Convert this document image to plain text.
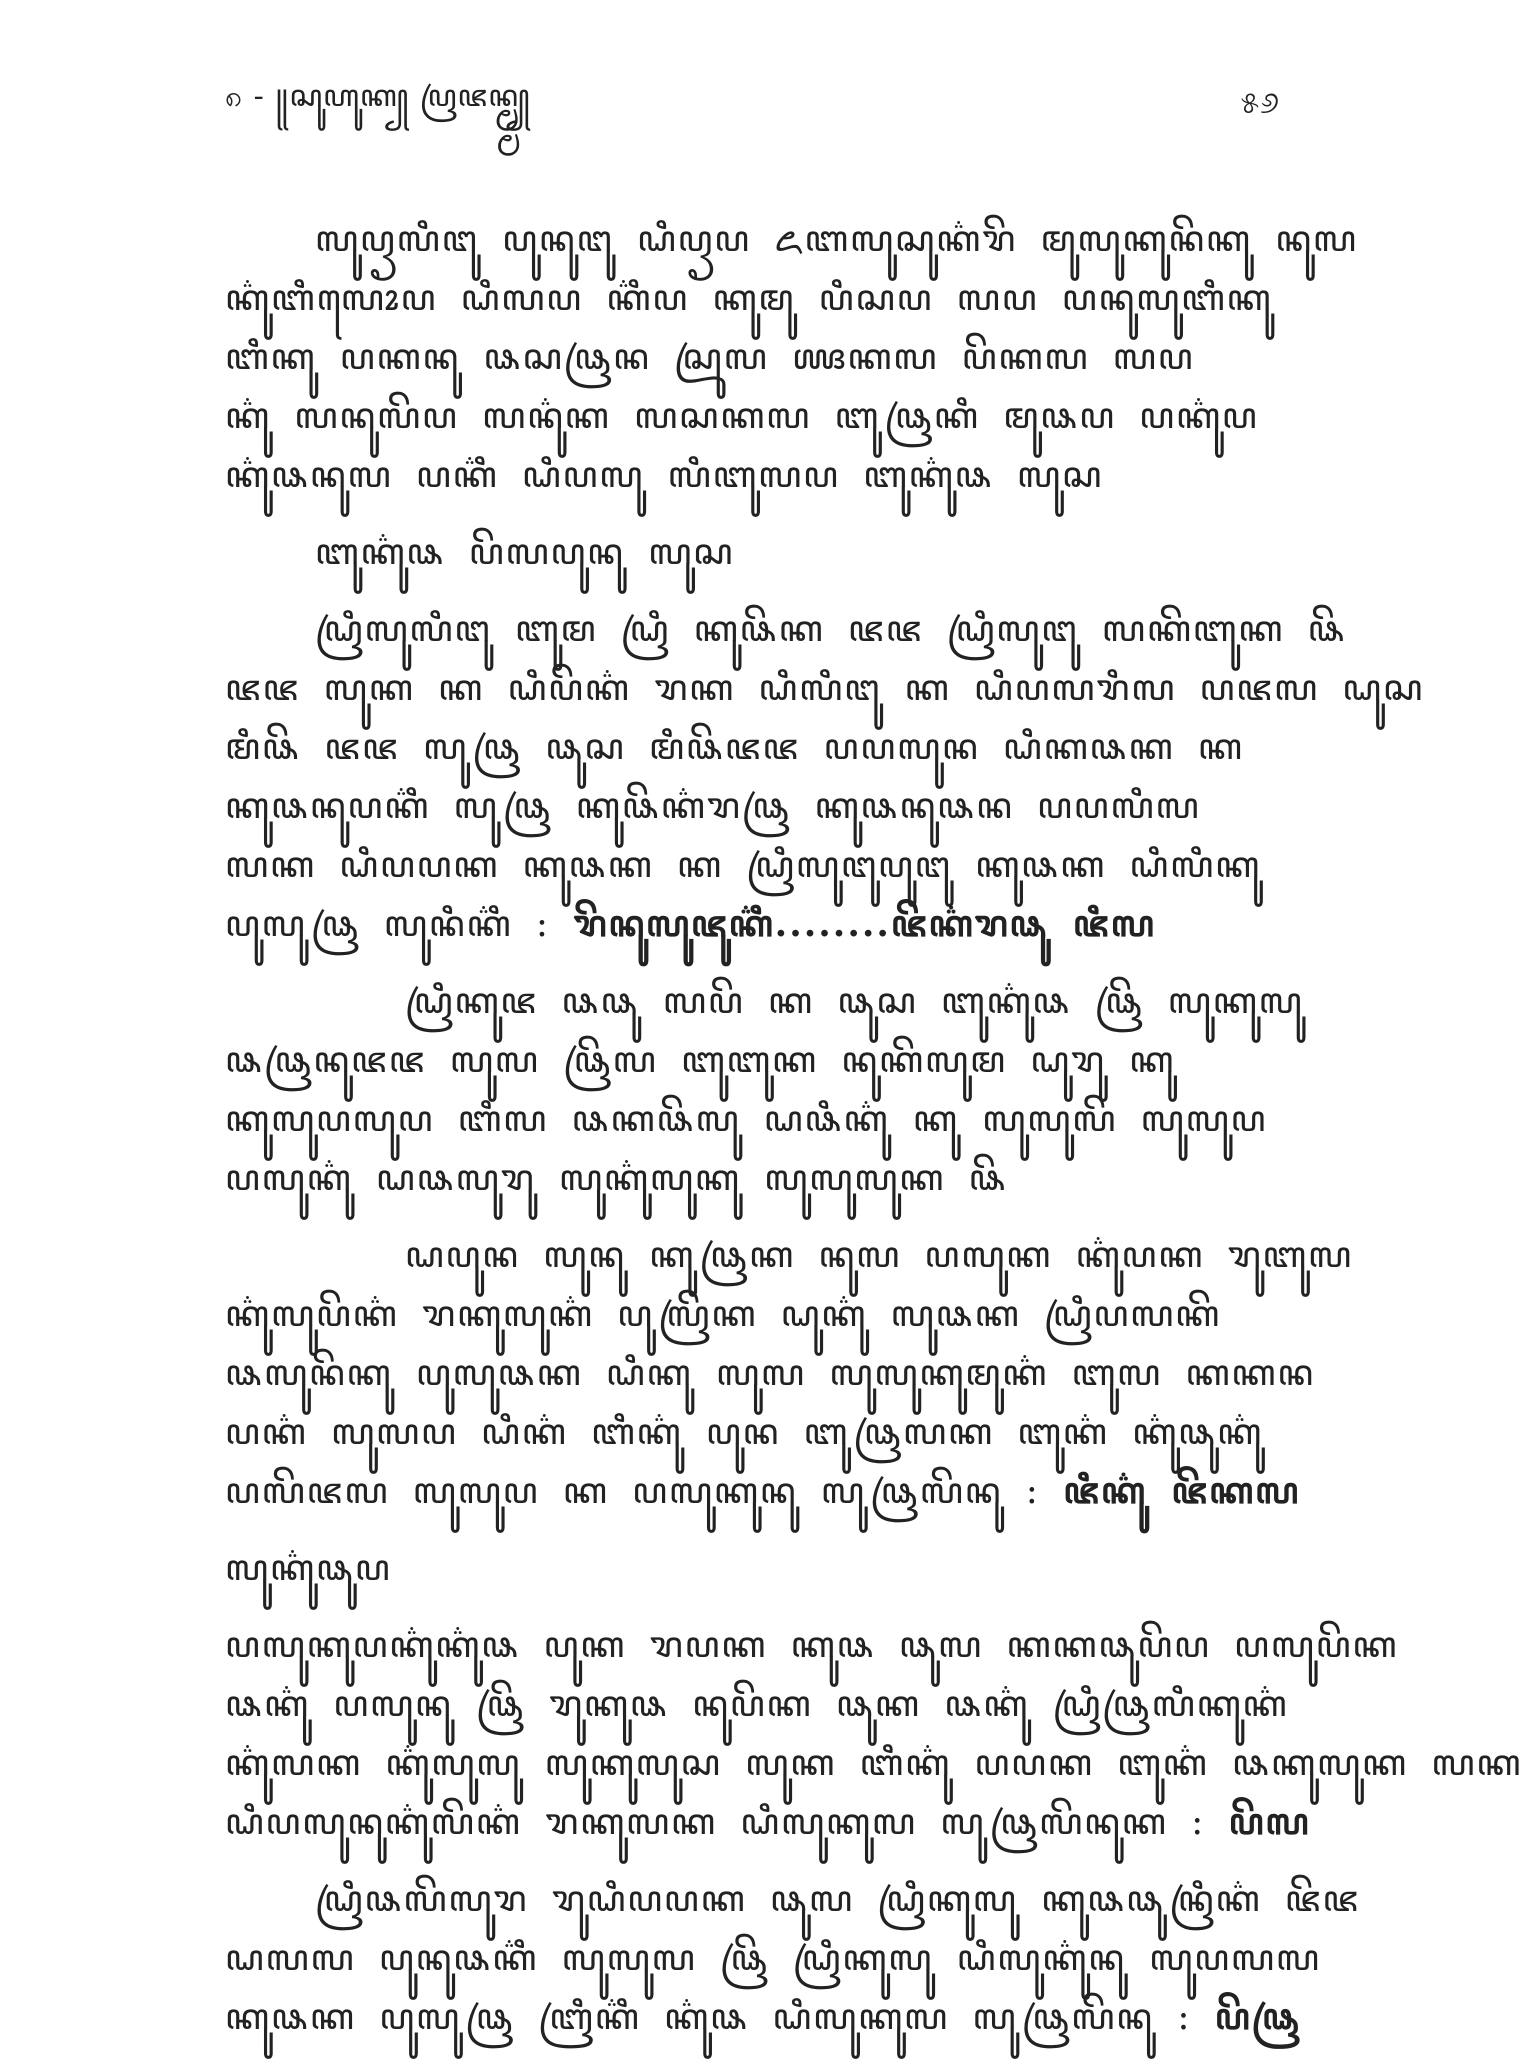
၈ - ꧋ꦱꦸꦲꦸꦏ꧀ ꦥꦿꦗꦤ꧀ꦩ꧀ꦩ꧀	୫୬
ꦭꦸꦥꦽꦭꦶꦔꦸ ꦥꦸꦤꦸꦔꦸ ꦝꦶꦥꦽꦥ ꦌꦧꦭꦸꦱꦸꦏ꦳ꦫꦼ ꦩꦸꦭꦸꦏꦸꦤꦼꦏꦸ ꦤꦸꦭ
ꦏ꦳ꦸꦧꦶꦭꦺꦴꦥ ꦝꦶꦭꦥ ꦏ꦳ꦶꦥ ꦏꦸꦩꦸ ꦥꦶꦱꦥ ꦭꦥ ꦥꦤꦸꦭꦸꦧꦶꦏꦸ
ꦧꦶꦏꦸ ꦥꦏꦤꦸ ꦦꦱꦦꦿꦤ ꦱꦿꦸꦭ ꦖꦏꦭ ꦥꦼꦏꦭ ꦭꦥ
ꦏ꦳ꦸ ꦭꦤꦸꦭꦼꦥ ꦭꦤ꦳ꦸꦏ ꦭꦱꦏꦭ ꦧꦸꦦꦿꦏꦶ ꦩꦸꦦꦥ ꦥꦏ꦳ꦸꦥ
ꦏ꦳ꦸꦦꦤꦸꦭ ꦥꦏ꦳ꦶ ꦝꦶꦥꦭꦸ ꦭꦶꦧꦸꦭꦥ ꦧꦸꦏ꦳ꦸꦦ ꦭꦸꦱ
ꦧꦸꦏ꦳ꦸꦦ ꦥꦼꦭꦥꦸꦤꦸ ꦭꦸꦱ
ꦝꦿꦶꦭꦸꦭꦶꦔꦸ ꦧꦸꦩ ꦝꦿꦶ ꦏꦸꦦꦼꦏ ꦗꦗ ꦝꦿꦶꦭꦸꦔꦸ ꦭꦏꦼꦧꦸꦏ ꦦꦼ
ꦗꦗ ꦭꦸꦏ ꦏ ꦝꦶꦥꦼꦏ꦳ ꦫꦏ ꦝꦶꦭꦶꦔꦸ ꦏ ꦝꦶꦥꦭꦫꦶꦭ ꦥꦗꦭ ꦝꦸꦱ
ꦩꦶꦦꦼ ꦗꦗ ꦭꦸꦦꦿ ꦦꦸꦱ ꦩꦶꦦꦼꦗꦗ ꦥꦥꦭꦸꦤ ꦝꦶꦏꦦꦏ ꦏ
ꦏꦸꦦꦤꦸꦥꦏ꦳ꦶ ꦭꦸꦦꦿ ꦏꦸꦦꦼꦏ꦳ꦫꦦꦿ ꦏꦸꦦꦤꦸꦦꦤ ꦥꦥꦭꦶꦭ
ꦭꦏ ꦝꦶꦥꦥꦏ ꦏꦸꦦꦏ ꦏ ꦝꦿꦶꦭꦸꦔꦸꦥꦸꦔꦸ ꦏꦸꦦꦏ ꦝꦶꦭꦶꦏꦸ
ꦥꦸꦭꦸꦦꦿ ꦭꦸꦤꦶꦏ꦳ꦶ : ꦫꦼꦤꦸꦭꦸꦗꦸꦏ꦳ꦶ........ꦗꦼꦏ꦳ꦫꦦꦸ ꦗꦶꦭ
ꦝꦿꦶꦏꦸꦗ ꦦꦦꦸ ꦭꦥꦼ ꦏ ꦦꦸꦱ ꦧꦸꦏ꦳ꦸꦦ ꦦꦿꦼ ꦭꦸꦏꦸꦭꦸ
ꦦꦦꦿꦤꦸꦗꦗ ꦭꦸꦭ ꦦꦿꦼꦭ ꦧꦸꦧꦸꦏ ꦤꦸꦏꦼꦭꦸꦩ ꦝꦸꦫꦸ ꦏꦸ
ꦏꦸꦭꦸꦥꦭꦸꦥ ꦧꦶꦭ ꦦꦏꦦꦼꦭꦸ ꦝꦦꦶꦏ꦳ꦸ ꦏꦸ ꦭꦸꦭꦸꦭꦼ ꦭꦸꦭꦸꦥ
ꦥꦭꦸꦏ꦳ꦸ ꦝꦦꦭꦸꦫꦸ ꦭꦸꦏ꦳ꦸꦭꦸꦏꦸ ꦭꦸꦭꦸꦭꦸꦏ ꦦꦼ
ꦝꦥꦸꦤ ꦭꦸꦤꦸ ꦏꦸꦦꦿꦏ ꦤꦸꦭ ꦥꦭꦸꦏ ꦏ꦳ꦸꦥꦏ ꦫꦸꦧꦸꦭ
ꦏ꦳ꦸꦭꦸꦥꦼꦏ꦳ ꦫꦏꦸꦭꦸꦏ꦳ ꦥꦸꦭꦿꦼꦏ ꦝꦸꦏ꦳ꦸ ꦭꦸꦦꦏ ꦝꦿꦶꦥꦭꦏꦼ
ꦦꦭꦸꦤꦼꦏꦸ ꦥꦸꦭꦸꦦꦏ ꦝꦶꦏꦸ ꦭꦸꦭ ꦭꦸꦭꦸꦏꦸꦩꦸꦏ꦳ ꦧꦸꦭ ꦏꦏꦤ
ꦥꦏ꦳ ꦭꦸꦭꦥ ꦝꦶꦏ꦳ ꦧꦶꦏ꦳ꦸ ꦥꦸꦤ ꦧꦸꦦꦿꦭꦏ ꦧꦸꦏ꦳ ꦏ꦳ꦸꦦꦸꦏ꦳ꦸ
ꦥꦭꦼꦗꦭ ꦭꦸꦭꦸꦥ ꦏ ꦥꦭꦸꦏꦸꦤꦸ ꦭꦸꦦꦿꦭꦼꦤꦸ : ꦗꦶꦏ꦳ꦸ ꦗꦼꦏꦭ
ꦭꦸꦏ꦳ꦸꦦꦸꦥ
ꦥꦭꦸꦏꦸꦥꦏ꦳ꦸꦏ꦳ꦸꦦ ꦥꦸꦏ ꦫꦥꦏ ꦏꦸꦦ ꦦꦸꦭ ꦏꦏꦦꦸꦥꦼꦥ ꦥꦭꦸꦥꦼꦏ
ꦦꦏ꦳ꦸ ꦥꦭꦸꦤꦸ ꦦꦿꦼ ꦫꦸꦏꦸꦦ ꦤꦸꦥꦼꦏ ꦦꦸꦏ ꦦꦏ꦳ꦸ ꦝꦿꦶꦦꦿꦭꦶꦏꦸꦏ꦳
ꦏ꦳ꦸꦭꦏ ꦏ꦳ꦸꦭꦸꦭꦸ ꦭꦸꦏꦸꦭꦸꦱ ꦭꦸꦏ ꦧꦶꦏ꦳ꦸ ꦥꦥꦏ ꦧꦸꦏ꦳ ꦦꦏꦸꦭꦸꦏ ꦭꦏ
ꦝꦶꦥꦭꦸꦤꦸꦏ꦳ꦸꦭꦼꦏ꦳ ꦫꦏꦸꦭꦏ ꦝꦶꦭꦸꦏꦸꦭ ꦭꦸꦦꦿꦭꦼꦤꦸꦏ : ꦥꦼꦭ
ꦝꦿꦶꦦꦭꦼꦭꦸꦫ ꦫꦸꦝꦶꦥꦥꦏ ꦦꦸꦭ ꦝꦿꦶꦏꦸꦭꦸ ꦏꦸꦦꦦꦸꦤꦿꦶꦏ꦳ ꦗꦼꦗ
ꦝꦭꦭ ꦥꦸꦤꦸꦦꦏ꦳ꦶ ꦭꦸꦭꦸꦭ ꦦꦿꦼ ꦝꦿꦶꦏꦸꦭꦸ ꦝꦶꦭꦸꦏ꦳ꦸꦤꦸ ꦭꦸꦥꦭꦭ
ꦏꦸꦦꦏ ꦥꦸꦭꦸꦦꦿ ꦧꦿꦶꦏ꦳ꦶ ꦏ꦳ꦸꦦ ꦝꦶꦭꦸꦏꦸꦭ ꦭꦸꦦꦿꦭꦼꦤꦸ : ꦥꦼꦦꦿ
